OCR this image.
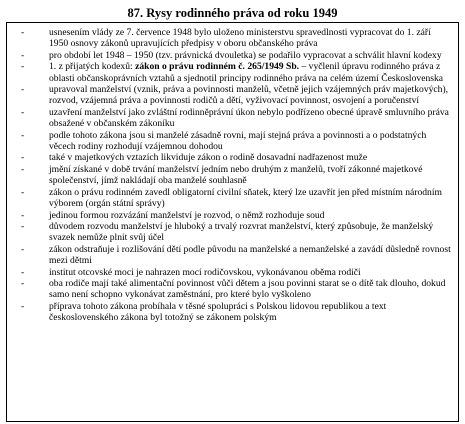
87. Rysy rodinného práva od roku 1949
-	usnesením vlády ze 7. července 1948 bylo uloženo ministerstvu spravedlnosti vypracovat do 1. září 1950 osnovy zákonů upravujících předpisy v oboru občanského práva
-	pro období let 1948 – 1950 (tzv. právnická dvouletka) se podařilo vypracovat a schválit hlavní kodexy
-	1. z přijatých kodexů: zákon o právu rodinném č. 265/1949 Sb. – vyčlenil úpravu rodinného práva z oblasti občanskoprávních vztahů a sjednotil principy rodinného práva na celém území Československa
-	upravoval manželství (vznik, práva a povinnosti manželů, včetně jejich vzájemných práv majetkových), rozvod, vzájemná práva a povinnosti rodičů a dětí, vyživovací povinnost, osvojení a poručenství
-	uzavření manželství jako zvláštní rodinněprávní úkon nebylo podřízeno obecné úpravě smluvního práva obsažené v občanském zákoníku
-	podle tohoto zákona jsou si manželé zásadně rovni, mají stejná práva a povinnosti a o podstatných věcech rodiny rozhodují vzájemnou dohodou
-	také v majetkových vztazích likviduje zákon o rodině dosavadní nadřazenost muže
-	jmění získané v době trvání manželství jedním nebo druhým z manželů, tvoří zákonné majetkové společenství, jímž nakládají oba manželé souhlasně
-	zákon o právu rodinném zavedl obligatorní civilní sňatek, který lze uzavřít jen před místním národním výborem (orgán státní správy)
-	jedinou formou rozvázání manželství je rozvod, o němž rozhoduje soud
-	důvodem rozvodu manželství je hluboký a trvalý rozvrat manželství, který způsobuje, že manželský svazek nemůže plnit svůj účel
-	zákon odstraňuje i rozlišování dětí podle původu na manželské a nemanželské a zavádí důsledně rovnost mezi dětmi
-	institut otcovské moci je nahrazen mocí rodičovskou, vykonávanou oběma rodiči
-	oba rodiče mají také alimentační povinnost vůči dětem a jsou povinni starat se o dítě tak dlouho, dokud samo není schopno vykonávat zaměstnání, pro které bylo vyškoleno
-	příprava tohoto zákona probíhala v těsné spolupráci s Polskou lidovou republikou a text československého zákona byl totožný se zákonem polským
